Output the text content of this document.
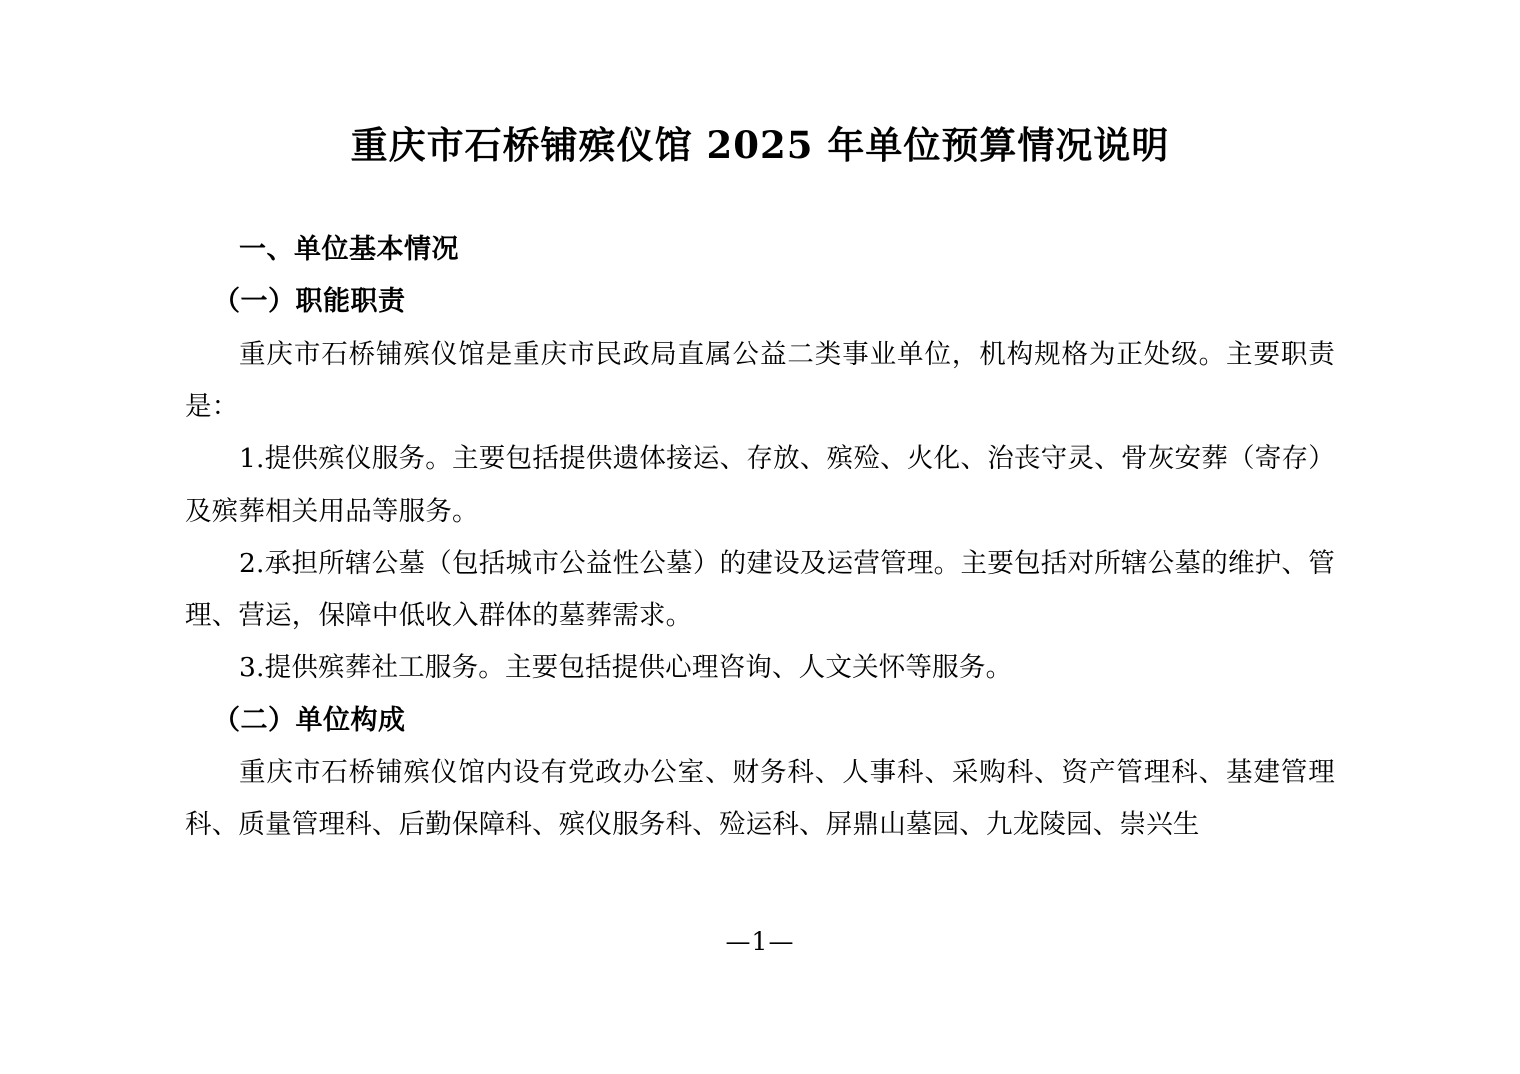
重庆市石桥铺殡仪馆 2025 年单位预算情况说明

一、单位基本情况

（一）职能职责

重庆市石桥铺殡仪馆是重庆市民政局直属公益二类事业单位，机构规格为正处级。主要职责是：

1.提供殡仪服务。主要包括提供遗体接运、存放、殡殓、火化、治丧守灵、骨灰安葬（寄存）及殡葬相关用品等服务。

2.承担所辖公墓（包括城市公益性公墓）的建设及运营管理。主要包括对所辖公墓的维护、管理、营运，保障中低收入群体的墓葬需求。

3.提供殡葬社工服务。主要包括提供心理咨询、人文关怀等服务。

（二）单位构成

重庆市石桥铺殡仪馆内设有党政办公室、财务科、人事科、采购科、资产管理科、基建管理科、质量管理科、后勤保障科、殡仪服务科、殓运科、屏鼎山墓园、九龙陵园、崇兴生

—1—
